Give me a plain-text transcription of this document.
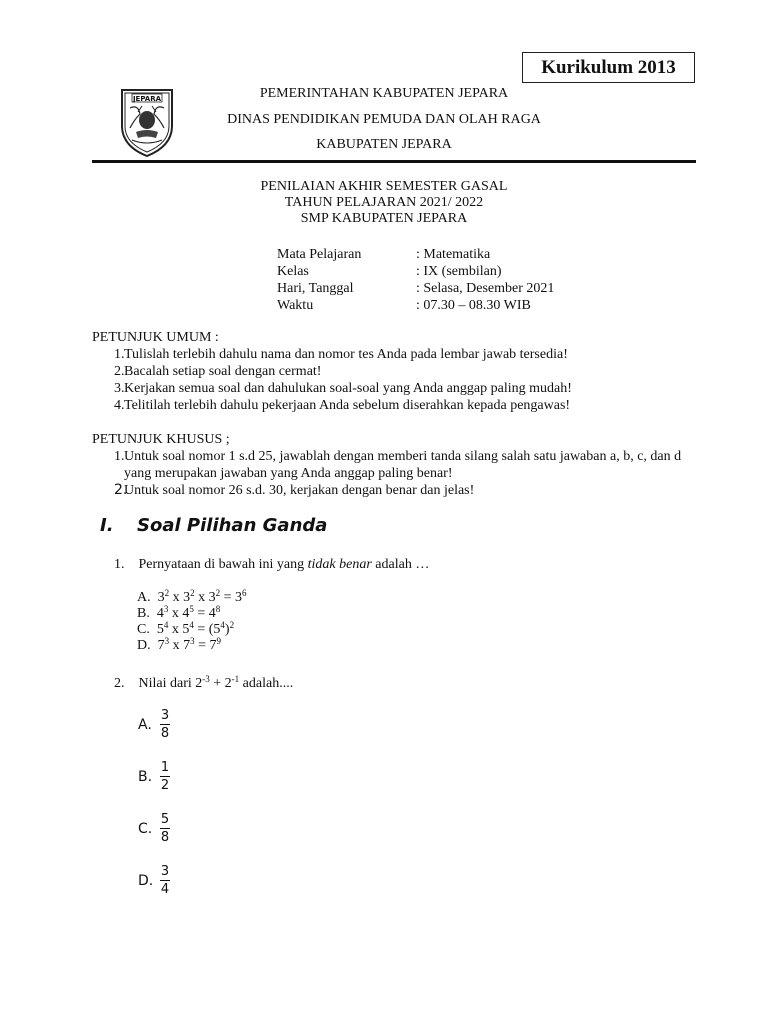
Kurikulum 2013
JEPARA	PEMERINTAHAN KABUPATEN JEPARA
DINAS PENDIDIKAN PEMUDA DAN OLAH RAGA
KABUPATEN JEPARA
PENILAIAN AKHIR SEMESTER GASAL
TAHUN PELAJARAN 2021/ 2022
SMP KABUPATEN JEPARA
Mata Pelajaran	: Matematika
Kelas	: IX (sembilan)
Hari, Tanggal	: Selasa, Desember 2021
Waktu	: 07.30 – 08.30 WIB
PETUNJUK UMUM :
1. Tulislah terlebih dahulu nama dan nomor tes Anda pada lembar jawab tersedia!
2. Bacalah setiap soal dengan cermat!
3. Kerjakan semua soal dan dahulukan soal-soal yang Anda anggap paling mudah!
4. Telitilah terlebih dahulu pekerjaan Anda sebelum diserahkan kepada pengawas!
PETUNJUK KHUSUS ;
1. Untuk soal nomor 1 s.d 25, jawablah dengan memberi tanda silang salah satu jawaban a, b, c, dan d yang merupakan jawaban yang Anda anggap paling benar!
2.
Untuk soal nomor 26 s.d. 30, kerjakan dengan benar dan jelas!
I. Soal Pilihan Ganda
1. Pernyataan di bawah ini yang tidak benar adalah …
A. $3^2$ x $3^2$ x $3^2 = 3^6$
B. $4^3$ x $4^5 = 4^8$
C. $5^4$ x $5^4 = (5^4)^2$
D. $7^3$ x $7^3 = 7^9$
2. Nilai dari $2^{-3} + 2^{-1}$ adalah....
A. $\frac{3}{8}$
B. $\frac{1}{2}$
C. $\frac{5}{8}$
D. $\frac{3}{4}$
